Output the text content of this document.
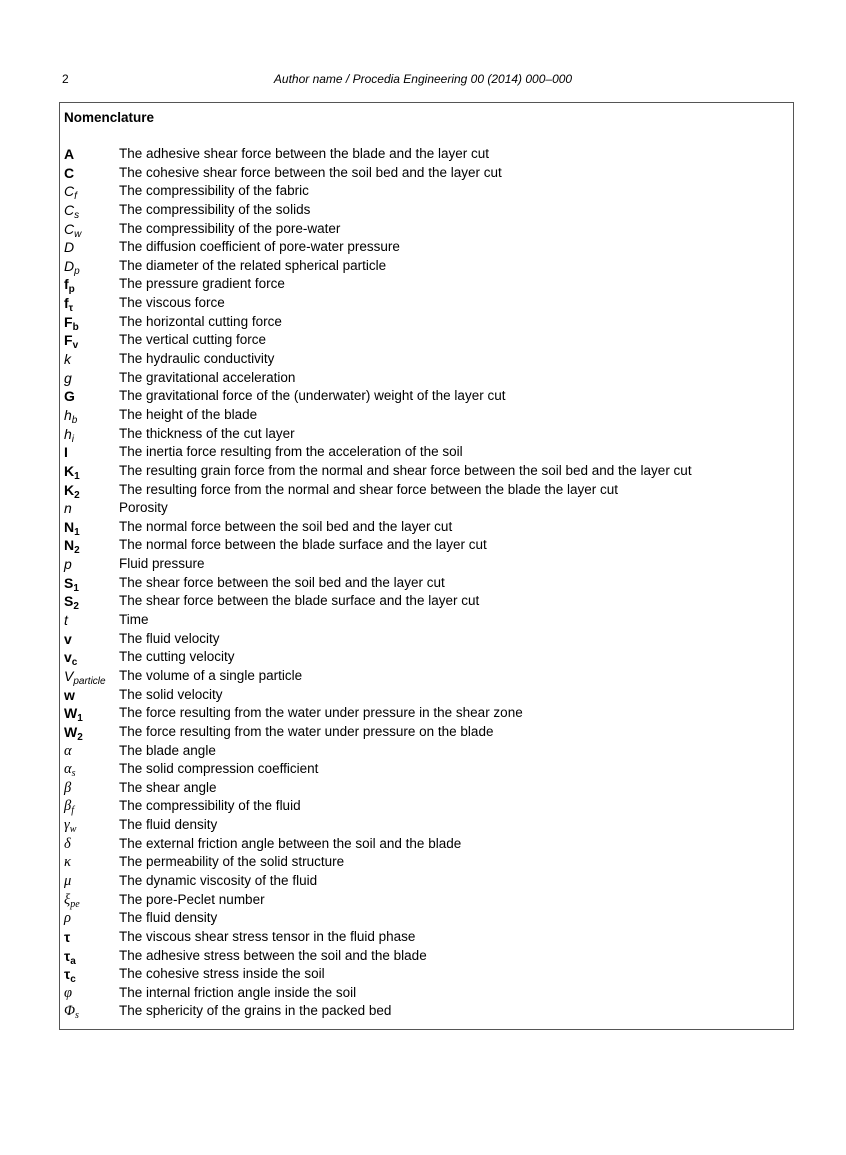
2	Author name / Procedia Engineering 00 (2014) 000–000
Nomenclature
A	The adhesive shear force between the blade and the layer cut
C	The cohesive shear force between the soil bed and the layer cut
$C_f$	The compressibility of the fabric
$C_s$	The compressibility of the solids
$C_w$	The compressibility of the pore-water
D	The diffusion coefficient of pore-water pressure
$D_p$	The diameter of the related spherical particle
$f_p$	The pressure gradient force
$f_\tau$	The viscous force
$F_b$	The horizontal cutting force
$F_v$	The vertical cutting force
k	The hydraulic conductivity
g	The gravitational acceleration
G	The gravitational force of the (underwater) weight of the layer cut
$h_b$	The height of the blade
$h_i$	The thickness of the cut layer
I	The inertia force resulting from the acceleration of the soil
$K_1$	The resulting grain force from the normal and shear force between the soil bed and the layer cut
$K_2$	The resulting force from the normal and shear force between the blade the layer cut
n	Porosity
$N_1$	The normal force between the soil bed and the layer cut
$N_2$	The normal force between the blade surface and the layer cut
p	Fluid pressure
$S_1$	The shear force between the soil bed and the layer cut
$S_2$	The shear force between the blade surface and the layer cut
t	Time
v	The fluid velocity
$v_c$	The cutting velocity
$V_{particle}$ The volume of a single particle
w	The solid velocity
$W_1$	The force resulting from the water under pressure in the shear zone
$W_2$	The force resulting from the water under pressure on the blade
α	The blade angle
$\alpha_s$	The solid compression coefficient
β	The shear angle
$\beta_f$	The compressibility of the fluid
$\gamma_w$	The fluid density
δ	The external friction angle between the soil and the blade
κ	The permeability of the solid structure
μ	The dynamic viscosity of the fluid
$\xi_{pe}$	The pore-Peclet number
ρ	The fluid density
τ	The viscous shear stress tensor in the fluid phase
$\tau_a$	The adhesive stress between the soil and the blade
$\tau_c$	The cohesive stress inside the soil
φ	The internal friction angle inside the soil
$\Phi_s$	The sphericity of the grains in the packed bed
